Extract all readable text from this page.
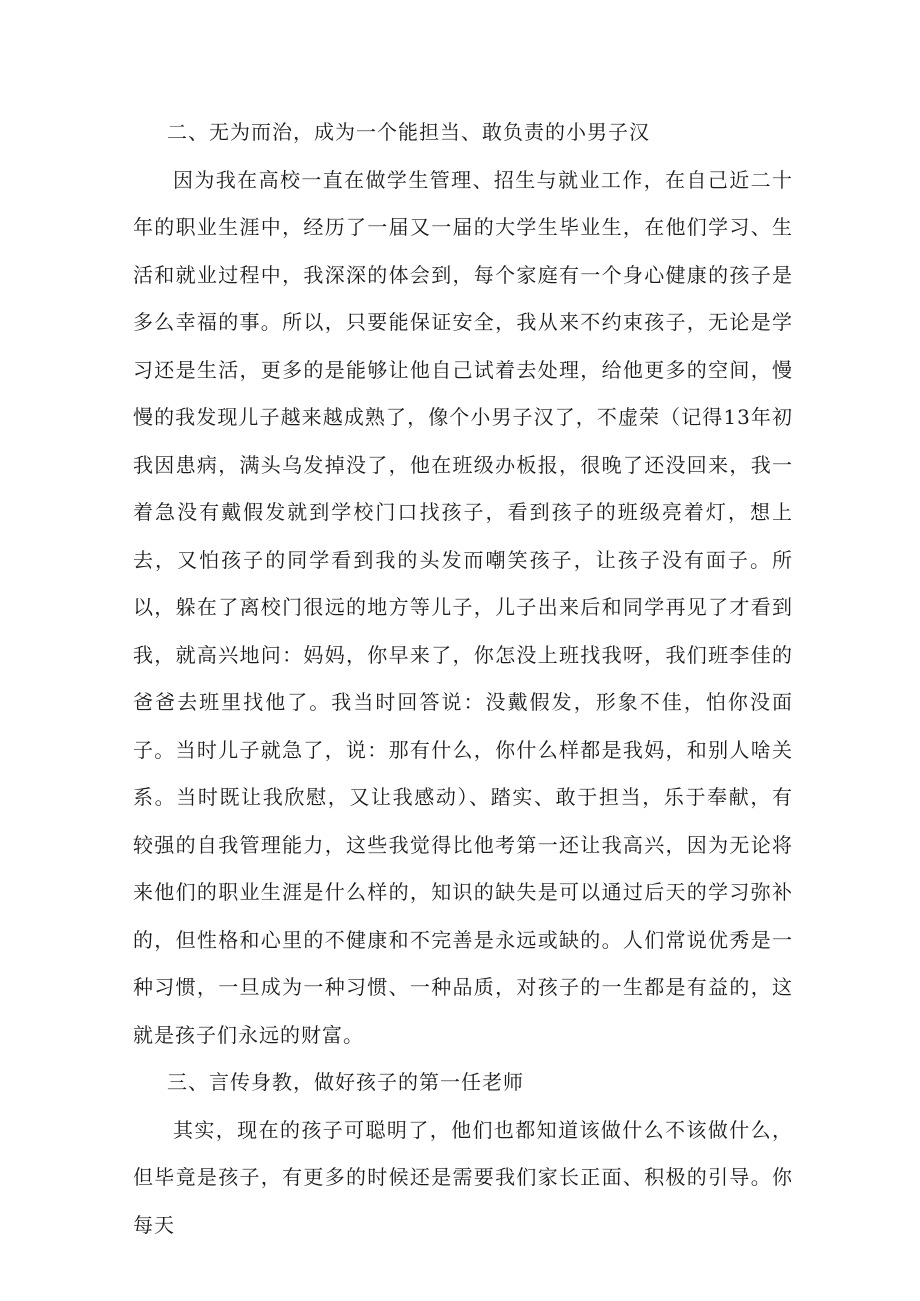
二、无为而治，成为一个能担当、敢负责的小男子汉

因为我在高校一直在做学生管理、招生与就业工作，在自己近二十年的职业生涯中，经历了一届又一届的大学生毕业生，在他们学习、生活和就业过程中，我深深的体会到，每个家庭有一个身心健康的孩子是多么幸福的事。所以，只要能保证安全，我从来不约束孩子，无论是学习还是生活，更多的是能够让他自己试着去处理，给他更多的空间，慢慢的我发现儿子越来越成熟了，像个小男子汉了，不虚荣（记得13年初我因患病，满头乌发掉没了，他在班级办板报，很晚了还没回来，我一着急没有戴假发就到学校门口找孩子，看到孩子的班级亮着灯，想上去，又怕孩子的同学看到我的头发而嘲笑孩子，让孩子没有面子。所以，躲在了离校门很远的地方等儿子，儿子出来后和同学再见了才看到我，就高兴地问：妈妈，你早来了，你怎没上班找我呀，我们班李佳的爸爸去班里找他了。我当时回答说：没戴假发，形象不佳，怕你没面子。当时儿子就急了，说：那有什么，你什么样都是我妈，和别人啥关系。当时既让我欣慰，又让我感动）、踏实、敢于担当，乐于奉献，有较强的自我管理能力，这些我觉得比他考第一还让我高兴，因为无论将来他们的职业生涯是什么样的，知识的缺失是可以通过后天的学习弥补的，但性格和心里的不健康和不完善是永远或缺的。人们常说优秀是一种习惯，一旦成为一种习惯、一种品质，对孩子的一生都是有益的，这就是孩子们永远的财富。

三、言传身教，做好孩子的第一任老师

其实，现在的孩子可聪明了，他们也都知道该做什么不该做什么，但毕竟是孩子，有更多的时候还是需要我们家长正面、积极的引导。你每天
